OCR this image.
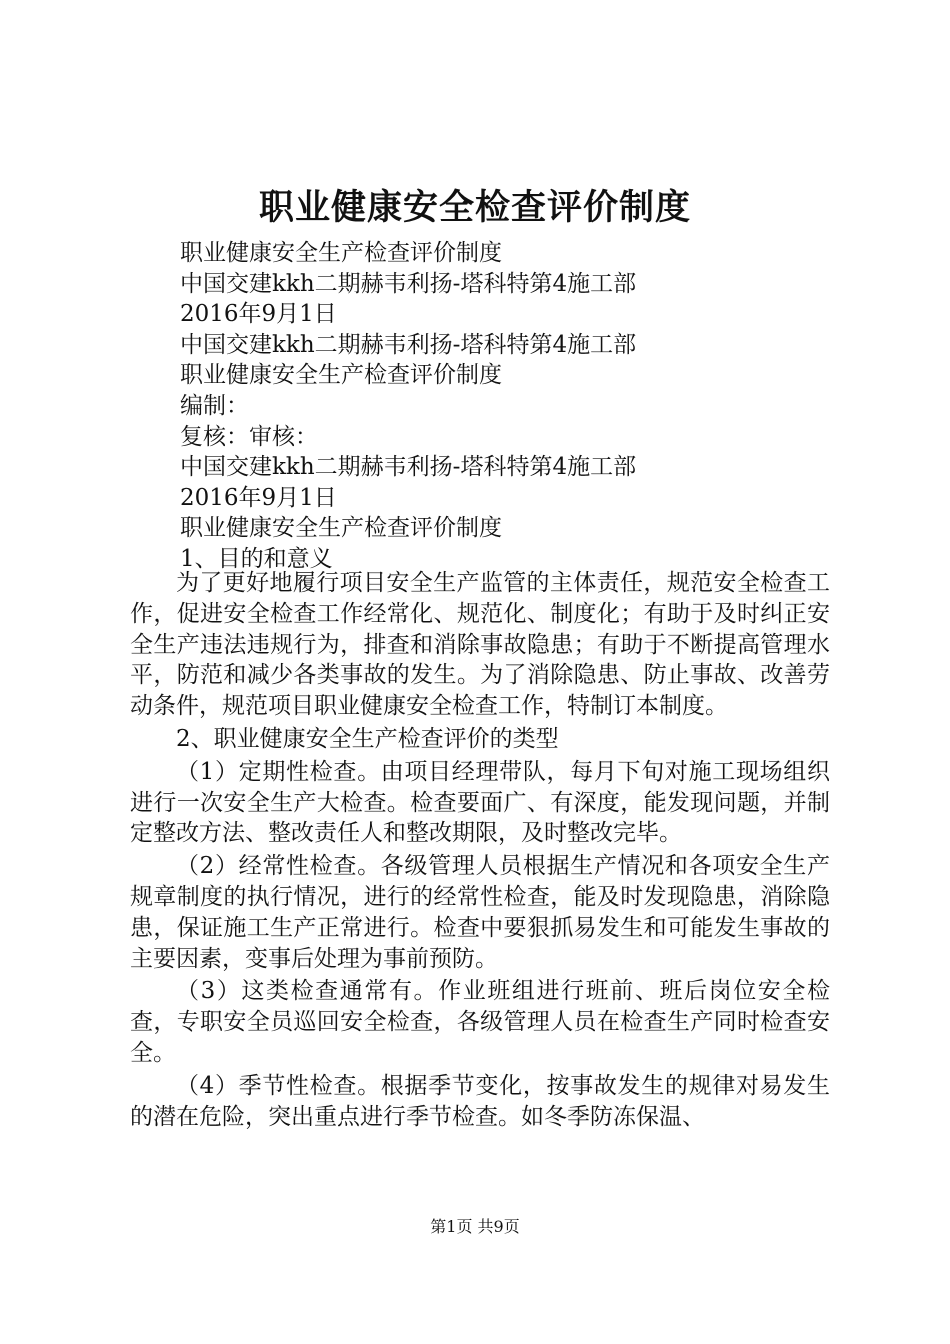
职业健康安全检查评价制度
职业健康安全生产检查评价制度
中国交建kkh二期赫韦利扬-塔科特第4施工部
2016年9月1日
中国交建kkh二期赫韦利扬-塔科特第4施工部
职业健康安全生产检查评价制度
编制：
复核：审核：
中国交建kkh二期赫韦利扬-塔科特第4施工部
2016年9月1日
职业健康安全生产检查评价制度
1、目的和意义

为了更好地履行项目安全生产监管的主体责任，规范安全检查工作，促进安全检查工作经常化、规范化、制度化；有助于及时纠正安全生产违法违规行为，排查和消除事故隐患；有助于不断提高管理水平，防范和减少各类事故的发生。为了消除隐患、防止事故、改善劳动条件，规范项目职业健康安全检查工作，特制订本制度。

2、职业健康安全生产检查评价的类型

（1）定期性检查。由项目经理带队，每月下旬对施工现场组织进行一次安全生产大检查。检查要面广、有深度，能发现问题，并制定整改方法、整改责任人和整改期限，及时整改完毕。

（2）经常性检查。各级管理人员根据生产情况和各项安全生产规章制度的执行情况，进行的经常性检查，能及时发现隐患，消除隐患，保证施工生产正常进行。检查中要狠抓易发生和可能发生事故的主要因素，变事后处理为事前预防。

（3）这类检查通常有。作业班组进行班前、班后岗位安全检查，专职安全员巡回安全检查，各级管理人员在检查生产同时检查安全。

（4）季节性检查。根据季节变化，按事故发生的规律对易发生的潜在危险，突出重点进行季节检查。如冬季防冻保温、

第1页 共9页
